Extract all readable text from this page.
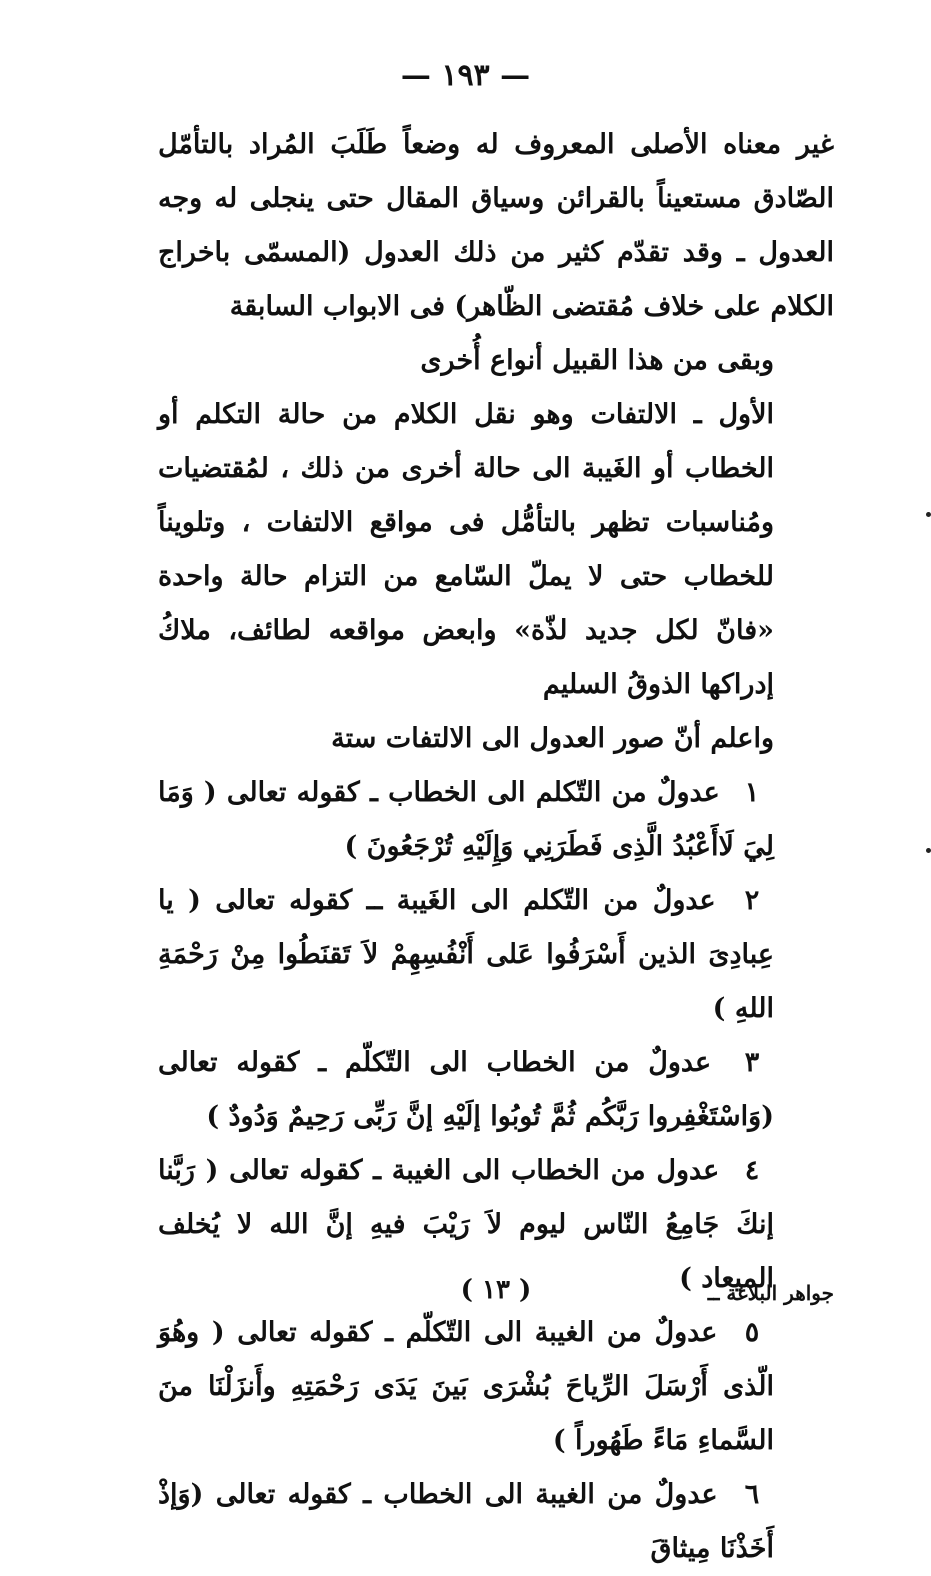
— ١٩٣ —

غير معناه الأصلى المعروف له وضعاً طَلَبَ المُراد بالتأمّل الصّادق مستعيناً بالقرائن وسياق المقال حتى ينجلى له وجه العدول ـ وقد تقدّم كثير من ذلك العدول (المسمّى باخراج الكلام على خلاف مُقتضى الظّاهر) فى الابواب السابقة

وبقى من هذا القبيل أنواع أُخرى

الأول ـ الالتفات وهو نقل الكلام من حالة التكلم أو الخطاب أو الغَيبة الى حالة أخرى من ذلك ، لمُقتضيات ومُناسبات تظهر بالتأمُّل فى مواقع الالتفات ، وتلويناً للخطاب حتى لا يملّ السّامع من التزام حالة واحدة «فانّ لكل جديد لذّة» وابعض مواقعه لطائف، ملاكُ إدراكها الذوقُ السليم

واعلم أنّ صور العدول الى الالتفات ستة

١ عدولٌ من التّكلم الى الخطاب ـ كقوله تعالى ( وَمَا لِيَ لَاأَعْبُدُ الَّذِى فَطَرَنِي وَإِلَيْهِ تُرْجَعُونَ )
٢ عدولٌ من التّكلم الى الغَيبة ــ كقوله تعالى ( يا عِبادِىَ الذين أَسْرَفُوا عَلى أَنْفُسِهِمْ لاَ تَقنَطُوا مِنْ رَحْمَةِ اللهِ )
٣ عدولٌ من الخطاب الى التّكلّم ـ كقوله تعالى (وَاسْتَغْفِروا رَبَّكُم ثُمَّ تُوبُوا إلَيْهِ إنَّ رَبِّى رَحِيمٌ وَدُودٌ )
٤ عدول من الخطاب الى الغيبة ـ كقوله تعالى ( رَبَّنا إنكَ جَامِعُ النّاس ليوم لاَ رَيْبَ فيهِ إنَّ الله لا يُخلف الميعاد )
٥ عدولٌ من الغيبة الى التّكلّم ـ كقوله تعالى ( وهُوَ الّذى أَرْسَلَ الرِّياحَ بُشْرَى بَينَ يَدَى رَحْمَتِهِ وأَنزَلْنَا منَ السَّماءِ مَاءً طَهُوراً )
٦ عدولٌ من الغيبة الى الخطاب ـ كقوله تعالى (وَإذْ أَخَذْنَا مِيثاقَ
جواهر البلاغة ــ
( ١٣ )
